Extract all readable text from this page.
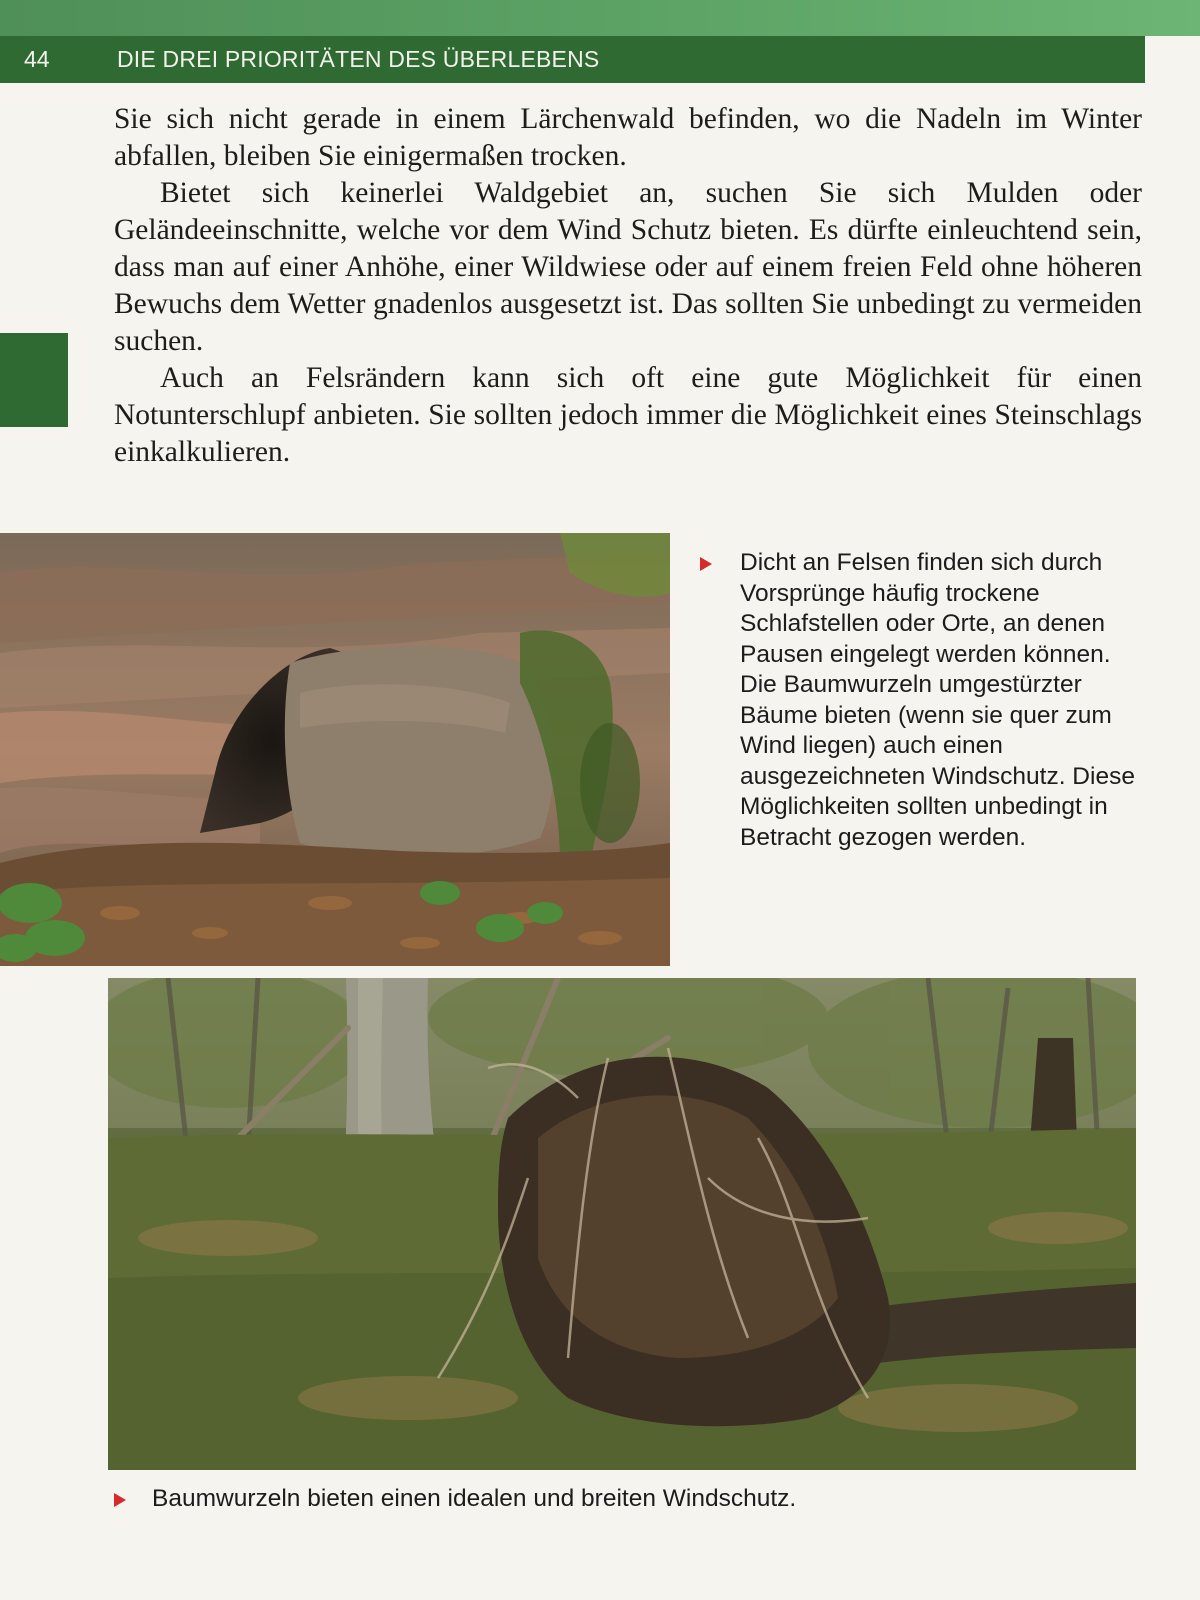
44	DIE DREI PRIORITÄTEN DES ÜBERLEBENS

Sie sich nicht gerade in einem Lärchenwald befinden, wo die Nadeln im Winter abfallen, bleiben Sie einigermaßen trocken.

Bietet sich keinerlei Waldgebiet an, suchen Sie sich Mulden oder Geländeeinschnitte, welche vor dem Wind Schutz bieten. Es dürfte einleuchtend sein, dass man auf einer Anhöhe, einer Wildwiese oder auf einem freien Feld ohne höheren Bewuchs dem Wetter gnadenlos ausgesetzt ist. Das sollten Sie unbedingt zu vermeiden suchen.

Auch an Felsrändern kann sich oft eine gute Möglichkeit für einen Notunterschlupf anbieten. Sie sollten jedoch immer die Möglichkeit eines Steinschlags einkalkulieren.

Dicht an Felsen finden sich durch Vorsprünge häufig trockene Schlafstellen oder Orte, an denen Pausen eingelegt werden können. Die Baumwurzeln umgestürzter Bäume bieten (wenn sie quer zum Wind liegen) auch einen ausgezeichneten Windschutz. Diese Möglichkeiten sollten unbedingt in Betracht gezogen werden.
Baumwurzeln bieten einen idealen und breiten Windschutz.
